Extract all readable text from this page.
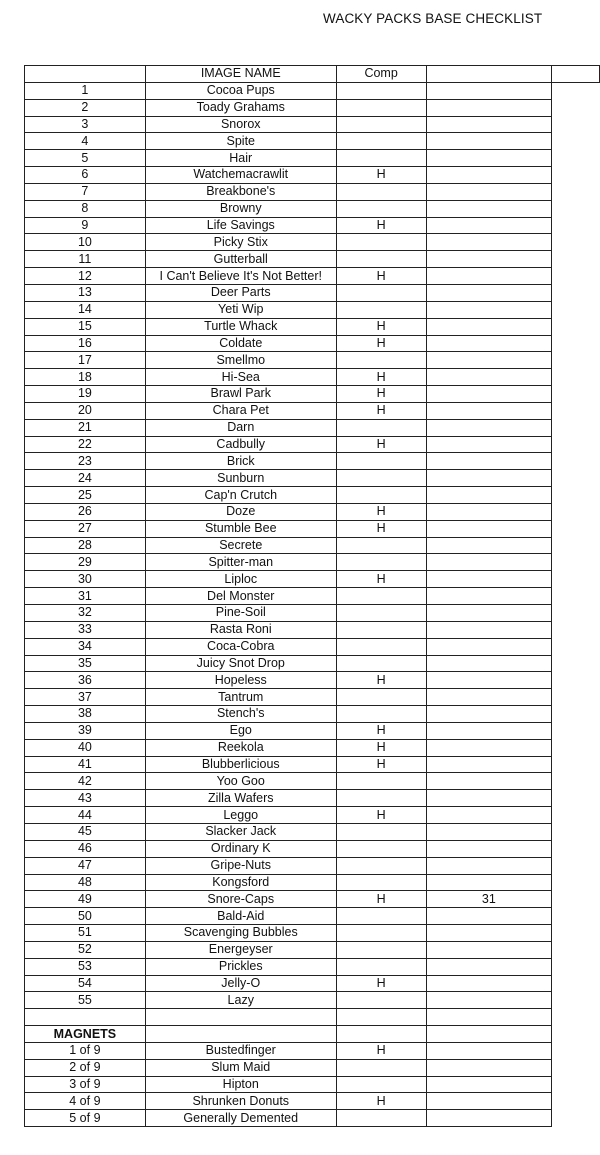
WACKY PACKS BASE CHECKLIST
	IMAGE NAME	Comp		
1	Cocoa Pups			
2	Toady Grahams			
3	Snorox			
4	Spite			
5	Hair			
6	Watchemacrawlit	H		
7	Breakbone's			
8	Browny			
9	Life Savings	H		
10	Picky Stix			
11	Gutterball			
12	I Can't Believe It's Not Better!	H		
13	Deer Parts			
14	Yeti Wip			
15	Turtle Whack	H		
16	Coldate	H		
17	Smellmo			
18	Hi-Sea	H		
19	Brawl Park	H		
20	Chara Pet	H		
21	Darn			
22	Cadbully	H		
23	Brick			
24	Sunburn			
25	Cap'n Crutch			
26	Doze	H		
27	Stumble Bee	H		
28	Secrete			
29	Spitter-man			
30	Liploc	H		
31	Del Monster			
32	Pine-Soil			
33	Rasta Roni			
34	Coca-Cobra			
35	Juicy Snot Drop			
36	Hopeless	H		
37	Tantrum			
38	Stench's			
39	Ego	H		
40	Reekola	H		
41	Blubberlicious	H		
42	Yoo Goo			
43	Zilla Wafers			
44	Leggo	H		
45	Slacker Jack			
46	Ordinary K			
47	Gripe-Nuts			
48	Kongsford			
49	Snore-Caps	H	31	
50	Bald-Aid			
51	Scavenging Bubbles			
52	Energeyser			
53	Prickles			
54	Jelly-O	H		
55	Lazy			

MAGNETS				
1 of 9	Bustedfinger	H		
2 of 9	Slum Maid			
3 of 9	Hipton			
4 of 9	Shrunken Donuts	H		
5 of 9	Generally Demented			
